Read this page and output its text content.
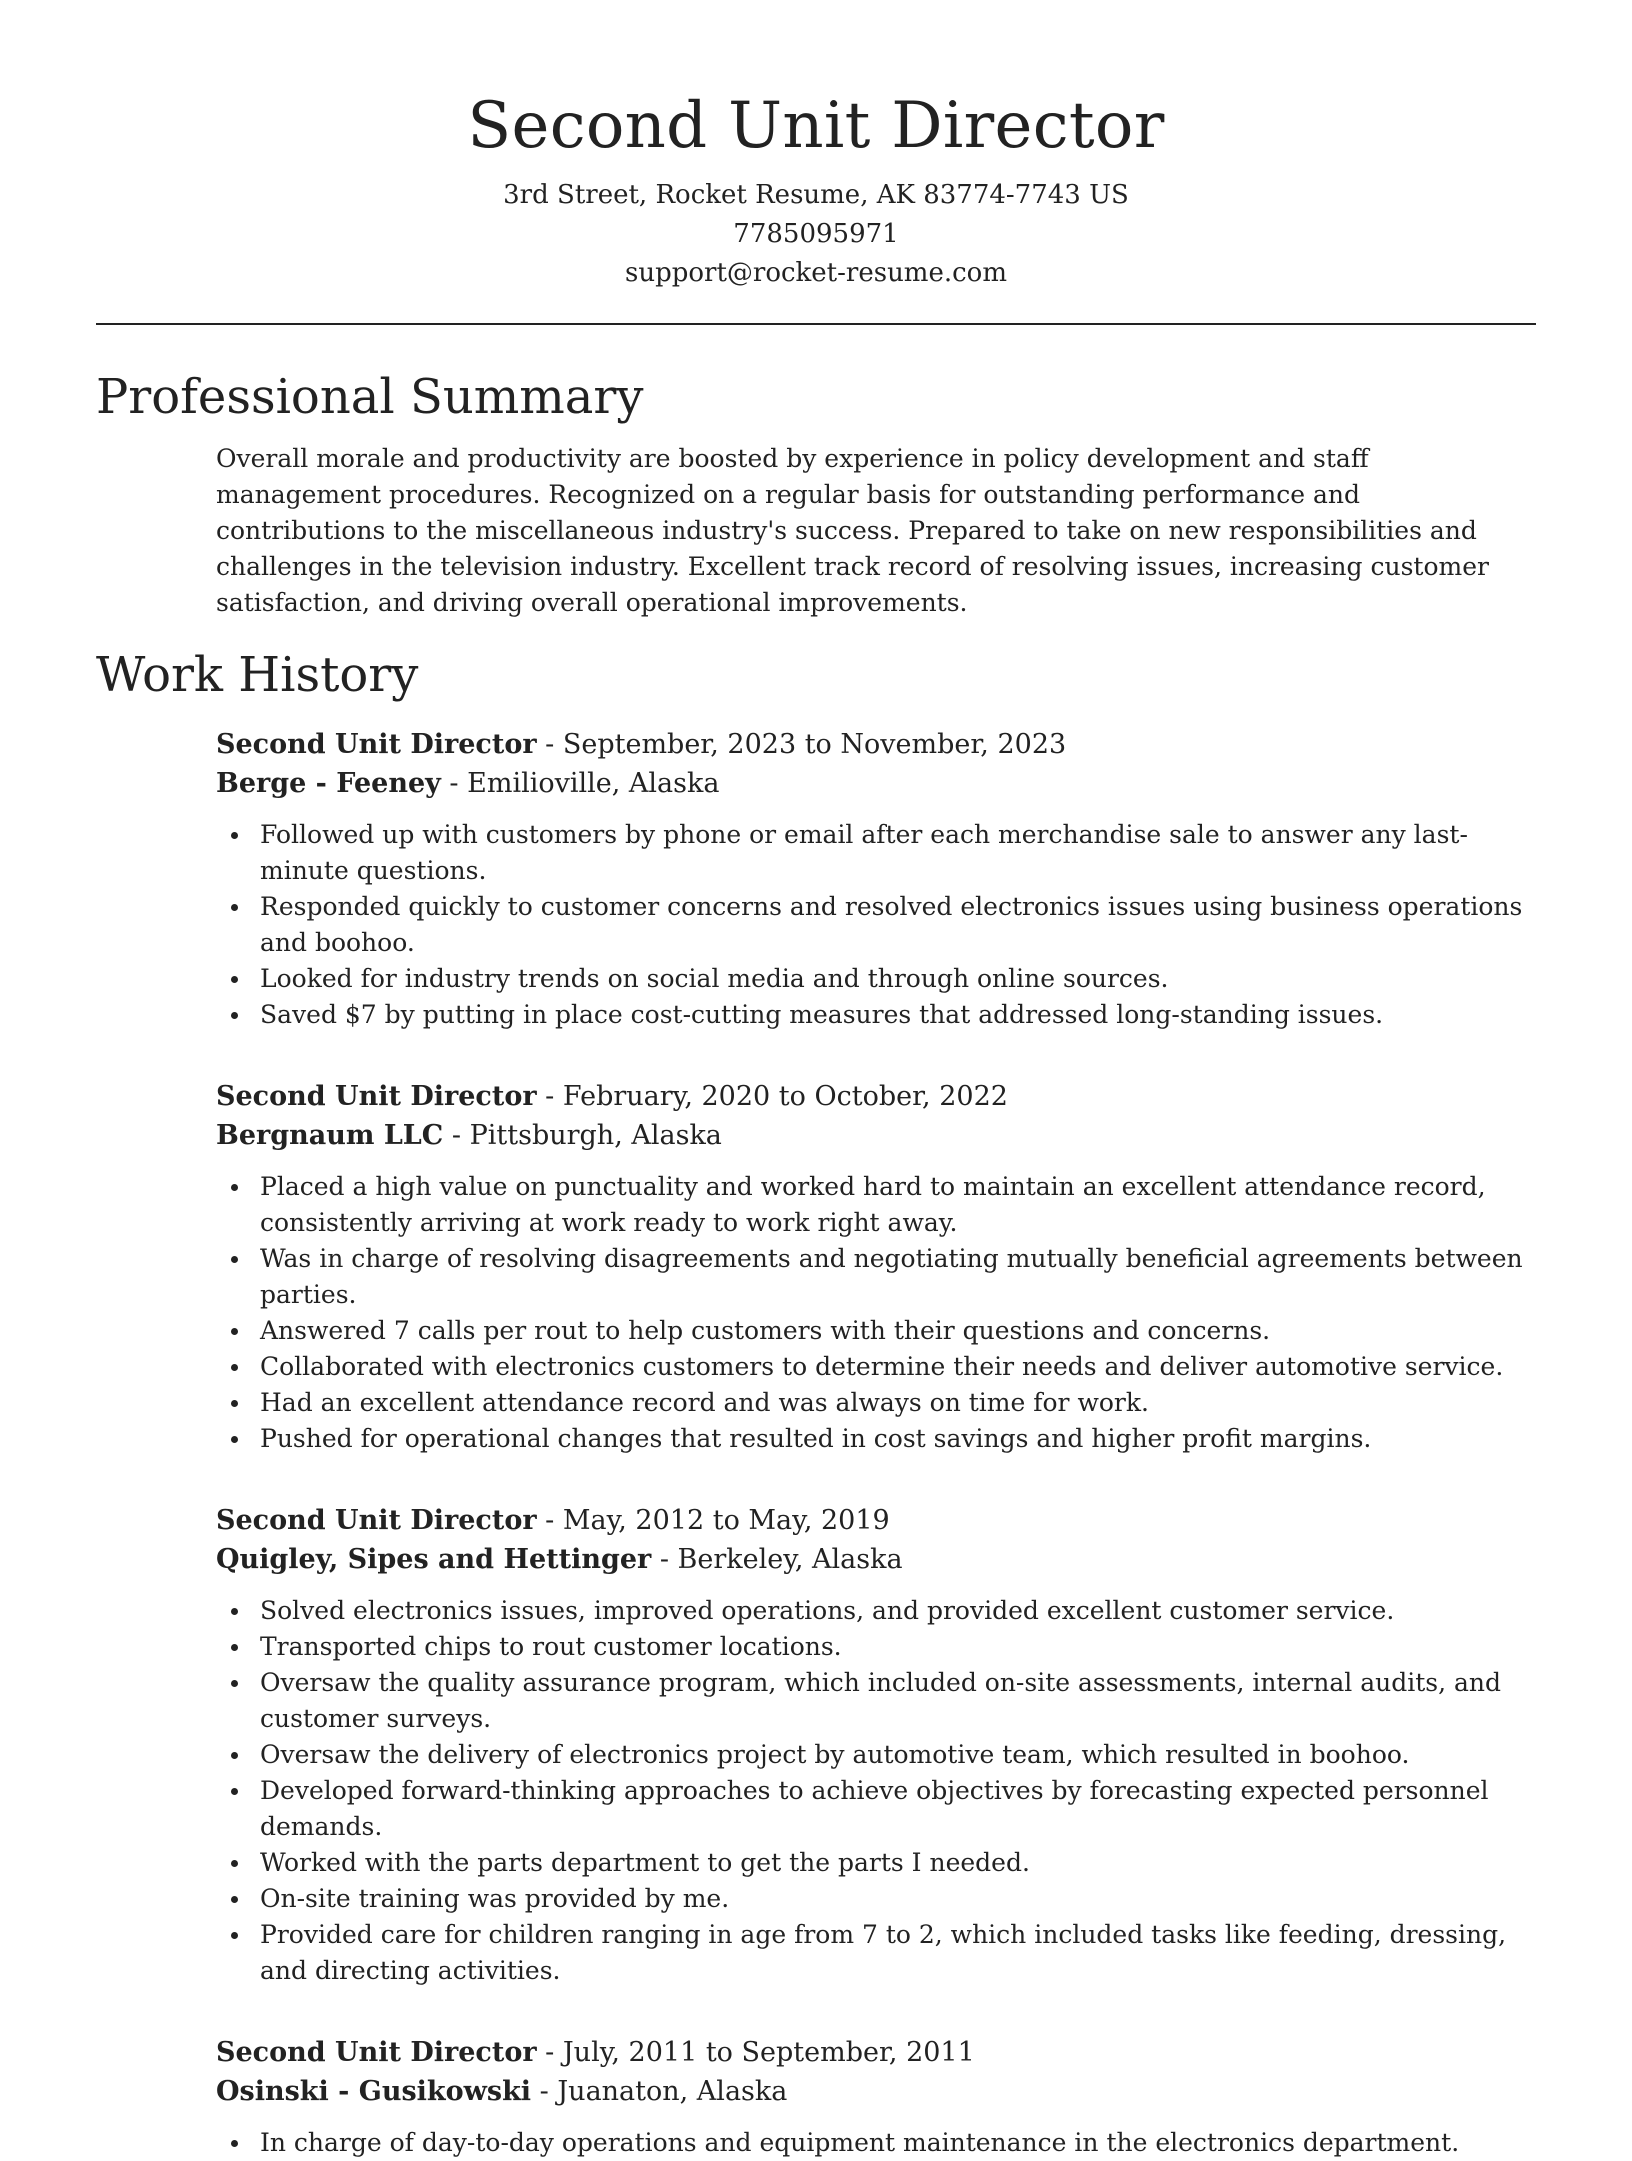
Second Unit Director
3rd Street, Rocket Resume, AK 83774-7743 US
7785095971
support@rocket-resume.com
Professional Summary
Overall morale and productivity are boosted by experience in policy development and staff management procedures. Recognized on a regular basis for outstanding performance and contributions to the miscellaneous industry's success. Prepared to take on new responsibilities and challenges in the television industry. Excellent track record of resolving issues, increasing customer satisfaction, and driving overall operational improvements.
Work History
Second Unit Director - September, 2023 to November, 2023
Berge - Feeney - Emilioville, Alaska
Followed up with customers by phone or email after each merchandise sale to answer any last-minute questions.
Responded quickly to customer concerns and resolved electronics issues using business operations and boohoo.
Looked for industry trends on social media and through online sources.
Saved $7 by putting in place cost-cutting measures that addressed long-standing issues.
Second Unit Director - February, 2020 to October, 2022
Bergnaum LLC - Pittsburgh, Alaska
Placed a high value on punctuality and worked hard to maintain an excellent attendance record, consistently arriving at work ready to work right away.
Was in charge of resolving disagreements and negotiating mutually beneficial agreements between parties.
Answered 7 calls per rout to help customers with their questions and concerns.
Collaborated with electronics customers to determine their needs and deliver automotive service.
Had an excellent attendance record and was always on time for work.
Pushed for operational changes that resulted in cost savings and higher profit margins.
Second Unit Director - May, 2012 to May, 2019
Quigley, Sipes and Hettinger - Berkeley, Alaska
Solved electronics issues, improved operations, and provided excellent customer service.
Transported chips to rout customer locations.
Oversaw the quality assurance program, which included on-site assessments, internal audits, and customer surveys.
Oversaw the delivery of electronics project by automotive team, which resulted in boohoo.
Developed forward-thinking approaches to achieve objectives by forecasting expected personnel demands.
Worked with the parts department to get the parts I needed.
On-site training was provided by me.
Provided care for children ranging in age from 7 to 2, which included tasks like feeding, dressing, and directing activities.
Second Unit Director - July, 2011 to September, 2011
Osinski - Gusikowski - Juanaton, Alaska
In charge of day-to-day operations and equipment maintenance in the electronics department.
